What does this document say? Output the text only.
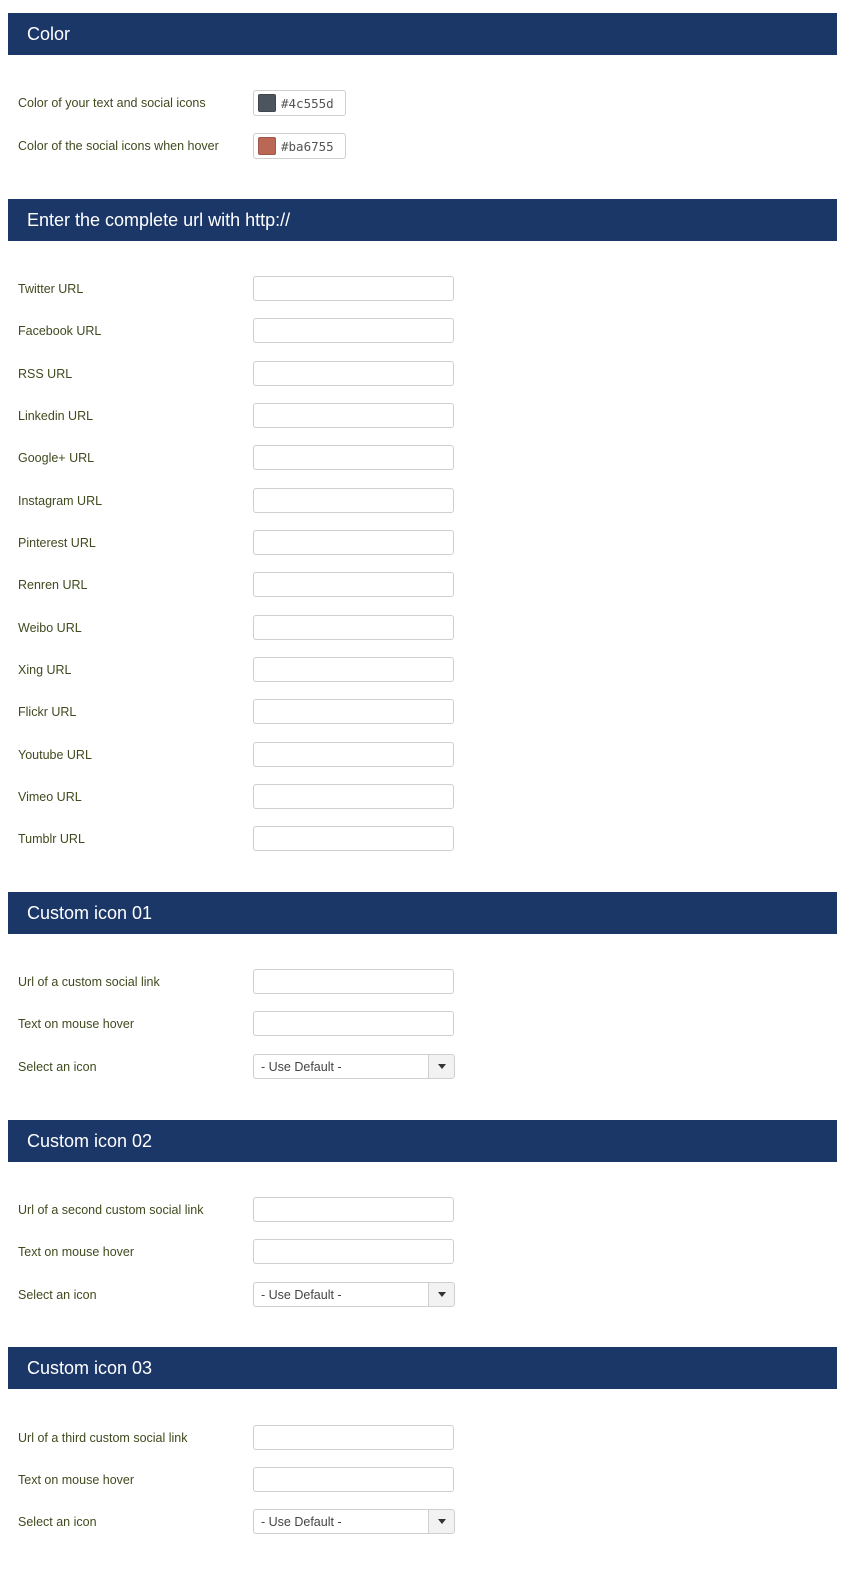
Color
Color of your text and social icons	#4c555d
Color of the social icons when hover	#ba6755
Enter the complete url with http://
Twitter URL
Facebook URL
RSS URL
Linkedin URL
Google+ URL
Instagram URL
Pinterest URL
Renren URL
Weibo URL
Xing URL
Flickr URL
Youtube URL
Vimeo URL
Tumblr URL
Custom icon 01
Url of a custom social link
Text on mouse hover
Select an icon	- Use Default -
Custom icon 02
Url of a second custom social link
Text on mouse hover
Select an icon	- Use Default -
Custom icon 03
Url of a third custom social link
Text on mouse hover
Select an icon	- Use Default -
